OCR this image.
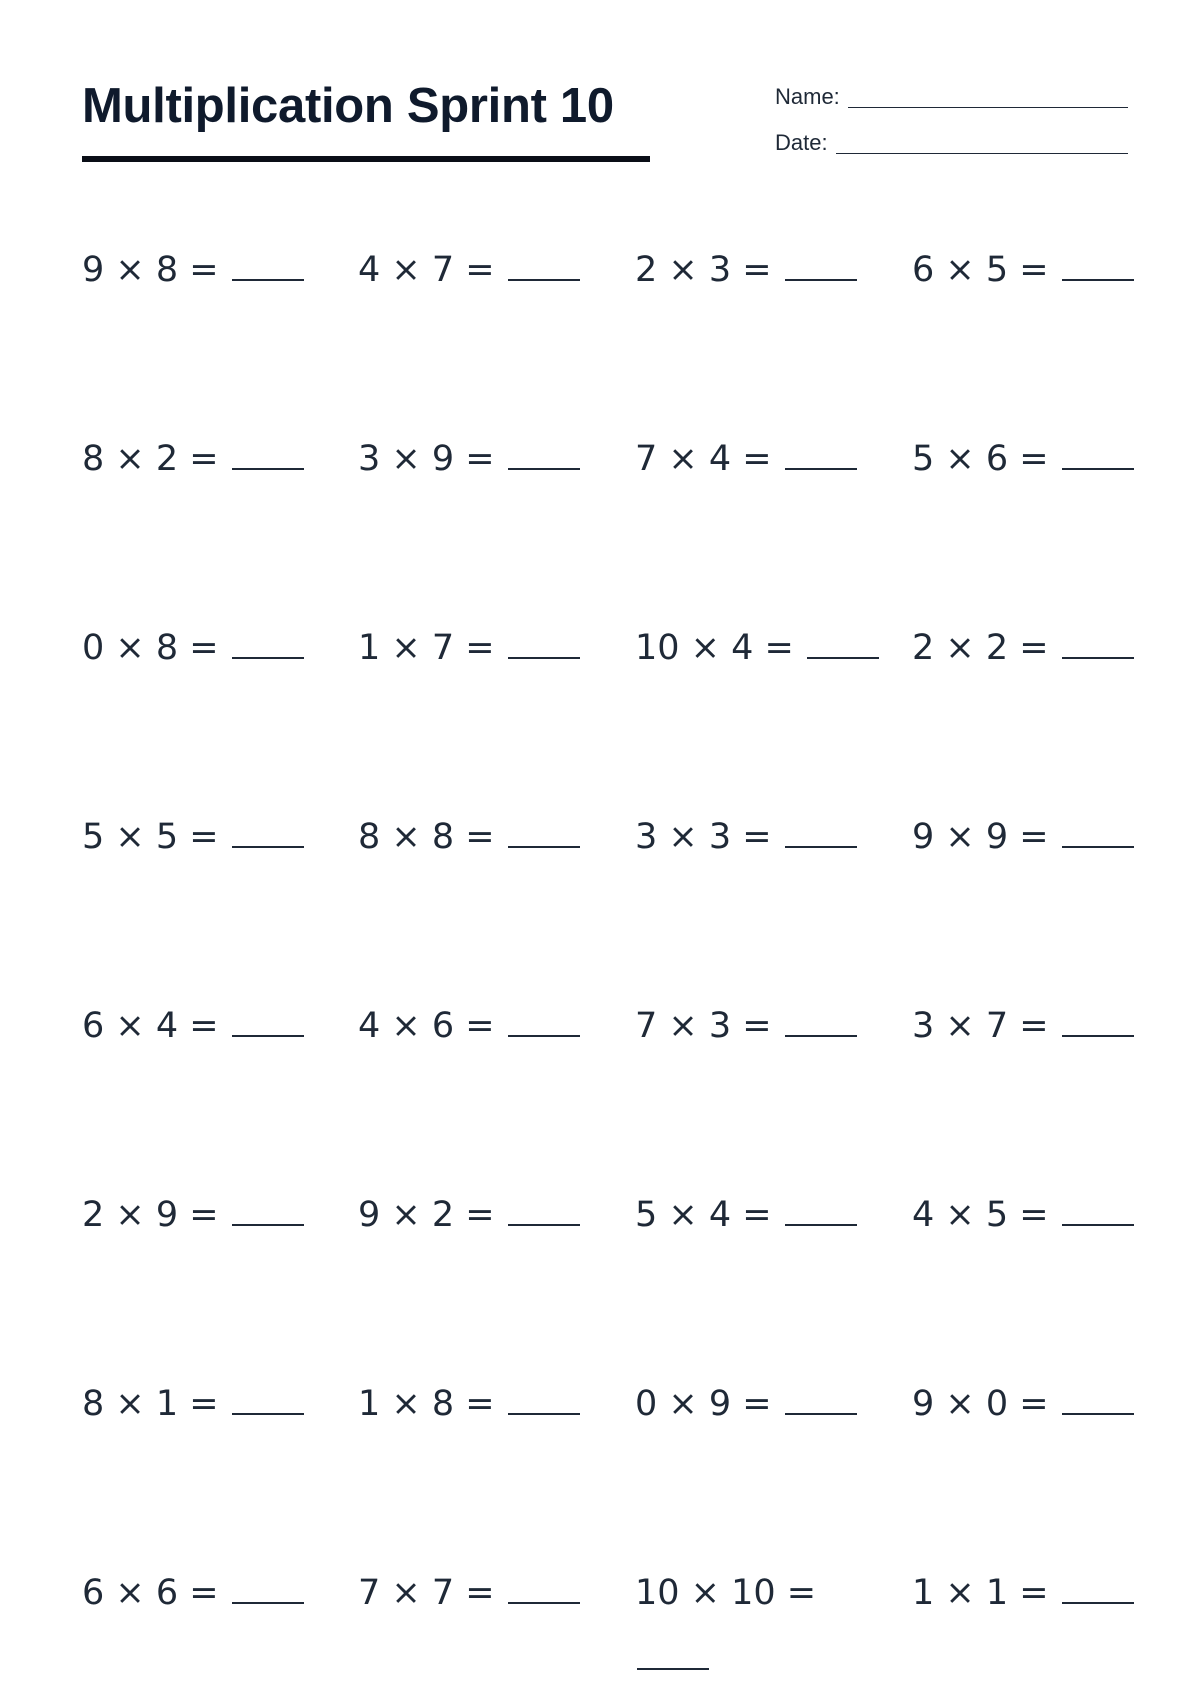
Multiplication Sprint 10	Name:
Date:
9 × 8 =	4 × 7 =	2 × 3 =	6 × 5 =
8 × 2 =	3 × 9 =	7 × 4 =	5 × 6 =
0 × 8 =	1 × 7 =	10 × 4 =	2 × 2 =
5 × 5 =	8 × 8 =	3 × 3 =	9 × 9 =
6 × 4 =	4 × 6 =	7 × 3 =	3 × 7 =
2 × 9 =	9 × 2 =	5 × 4 =	4 × 5 =
8 × 1 =	1 × 8 =	0 × 9 =	9 × 0 =
6 × 6 =	7 × 7 =	10 × 10 =	1 × 1 =
